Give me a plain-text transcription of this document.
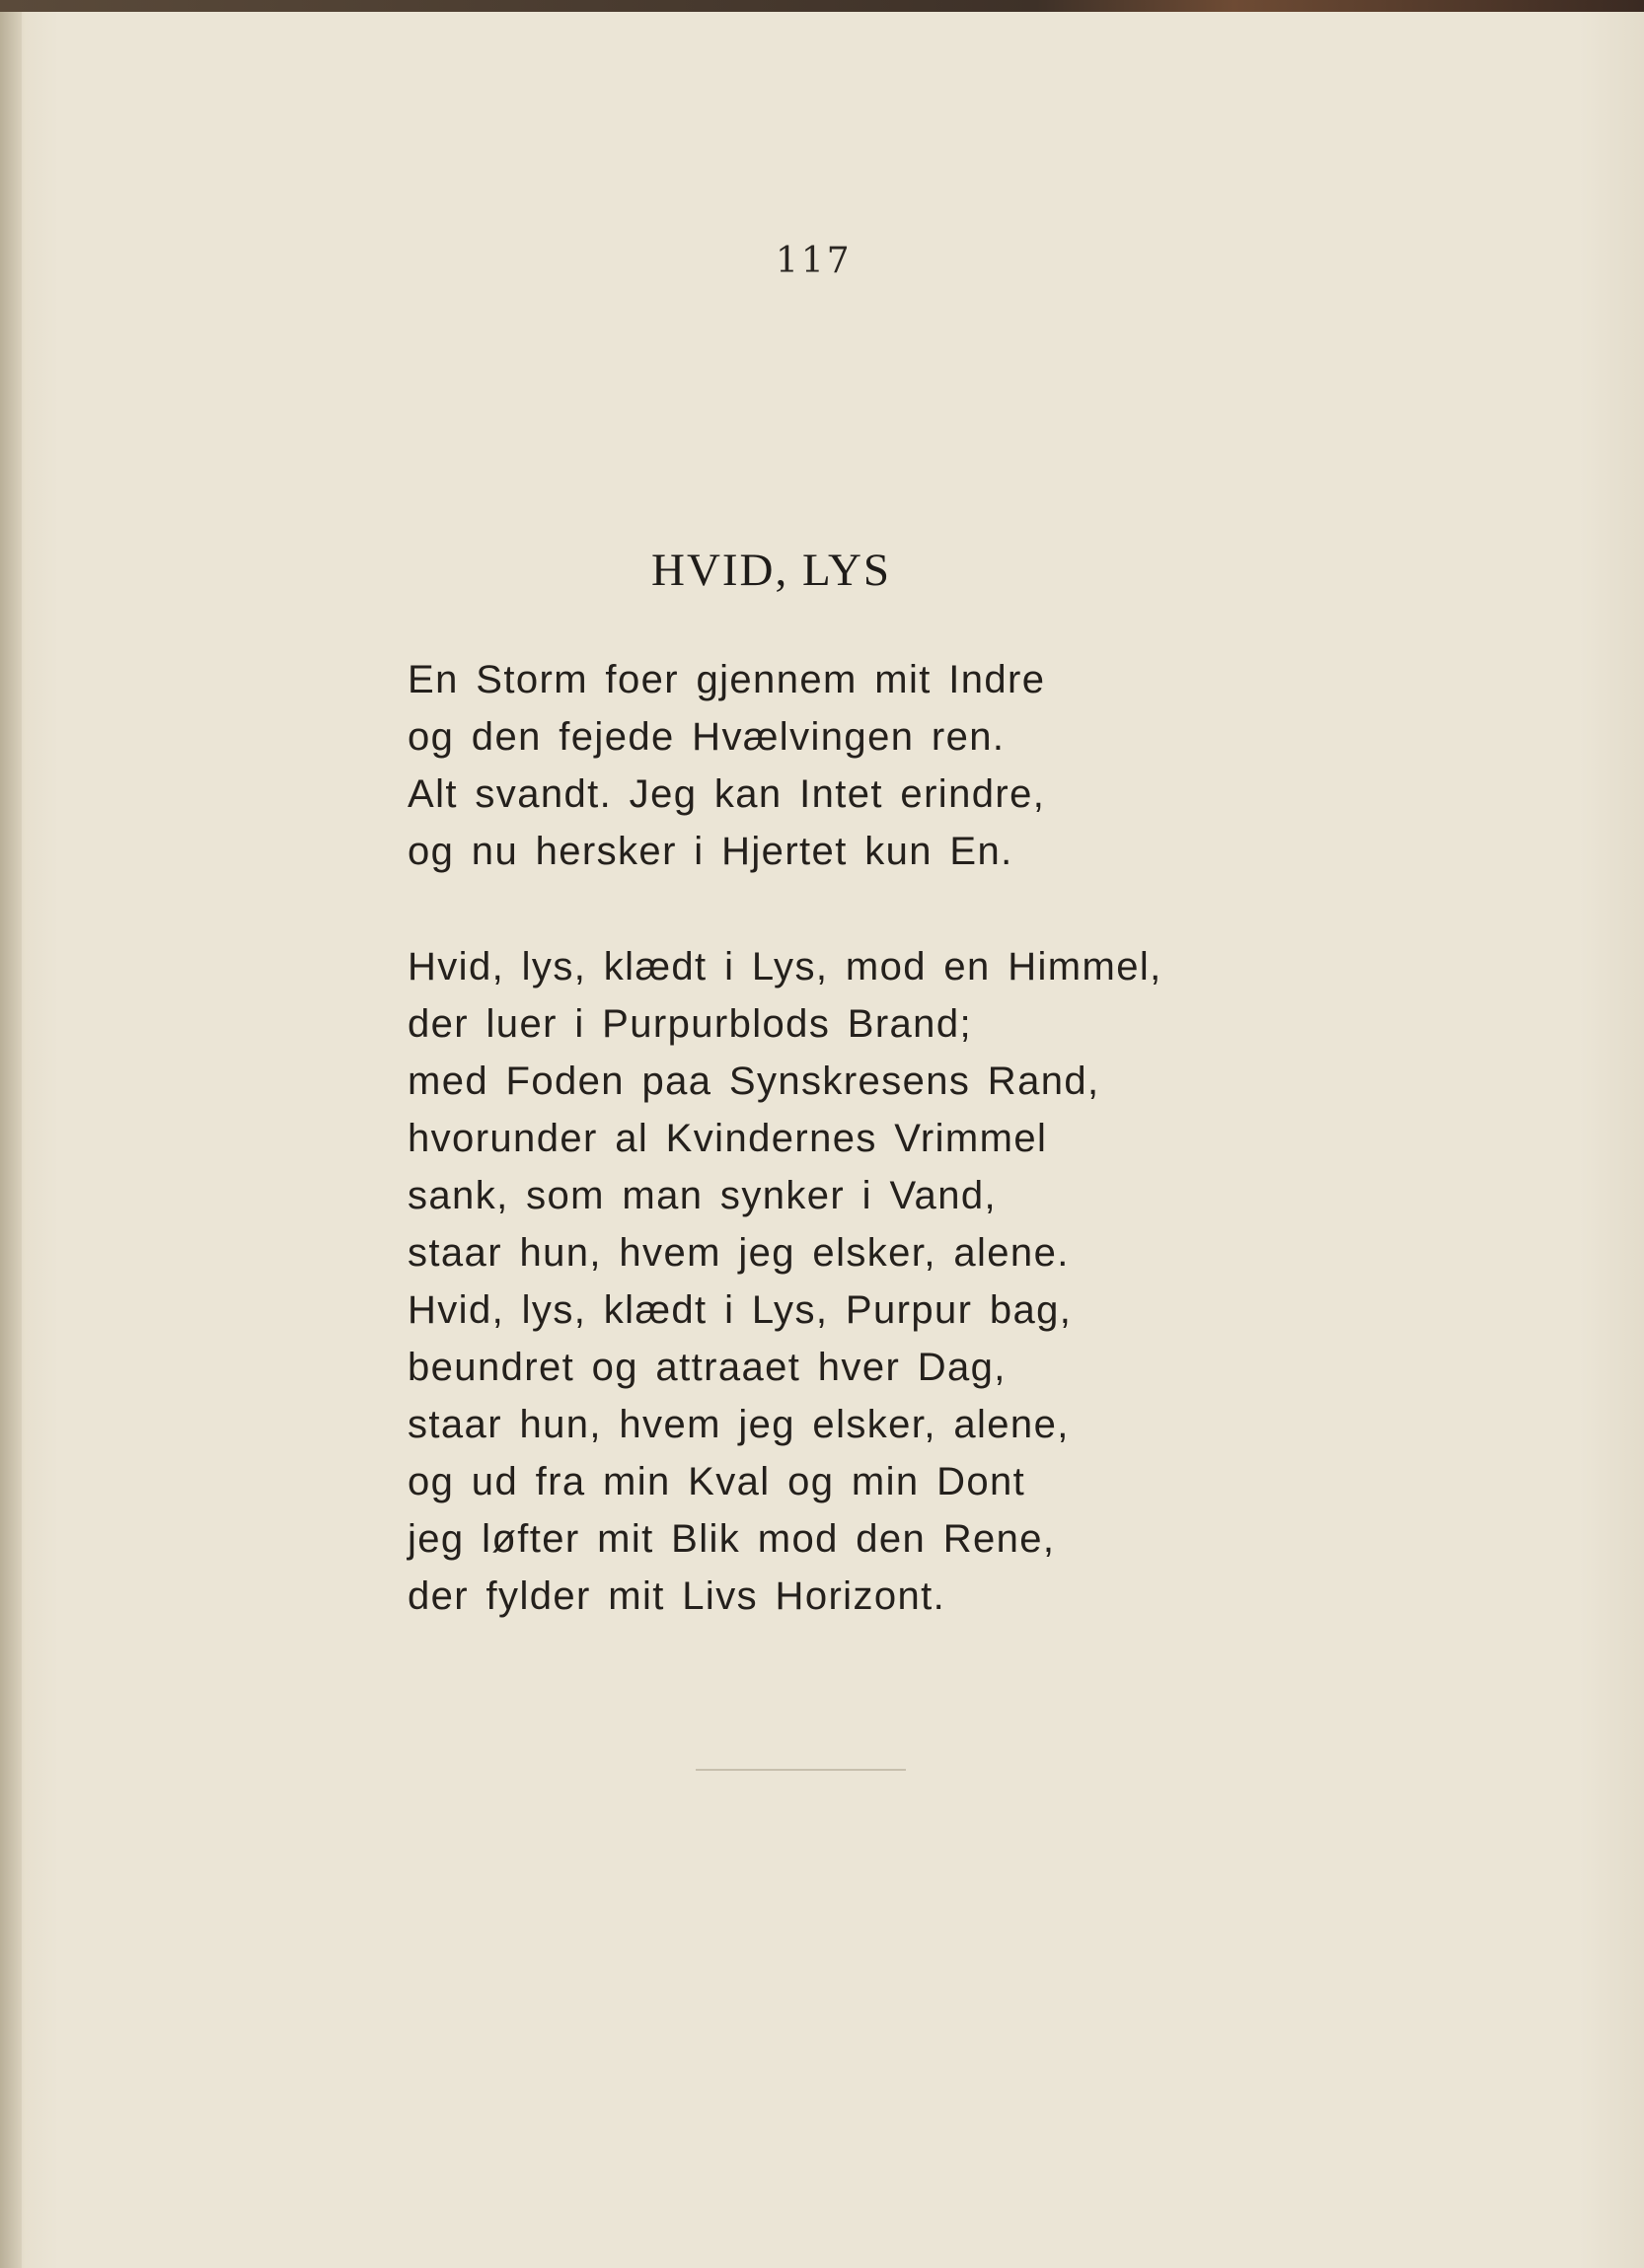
117
HVID, LYS
En Storm foer gjennem mit Indre
og den fejede Hvælvingen ren.
Alt svandt. Jeg kan Intet erindre,
og nu hersker i Hjertet kun En.
Hvid, lys, klædt i Lys, mod en Himmel,
der luer i Purpurblods Brand;
med Foden paa Synskresens Rand,
hvorunder al Kvindernes Vrimmel
sank, som man synker i Vand,
staar hun, hvem jeg elsker, alene.
Hvid, lys, klædt i Lys, Purpur bag,
beundret og attraaet hver Dag,
staar hun, hvem jeg elsker, alene,
og ud fra min Kval og min Dont
jeg løfter mit Blik mod den Rene,
der fylder mit Livs Horizont.
